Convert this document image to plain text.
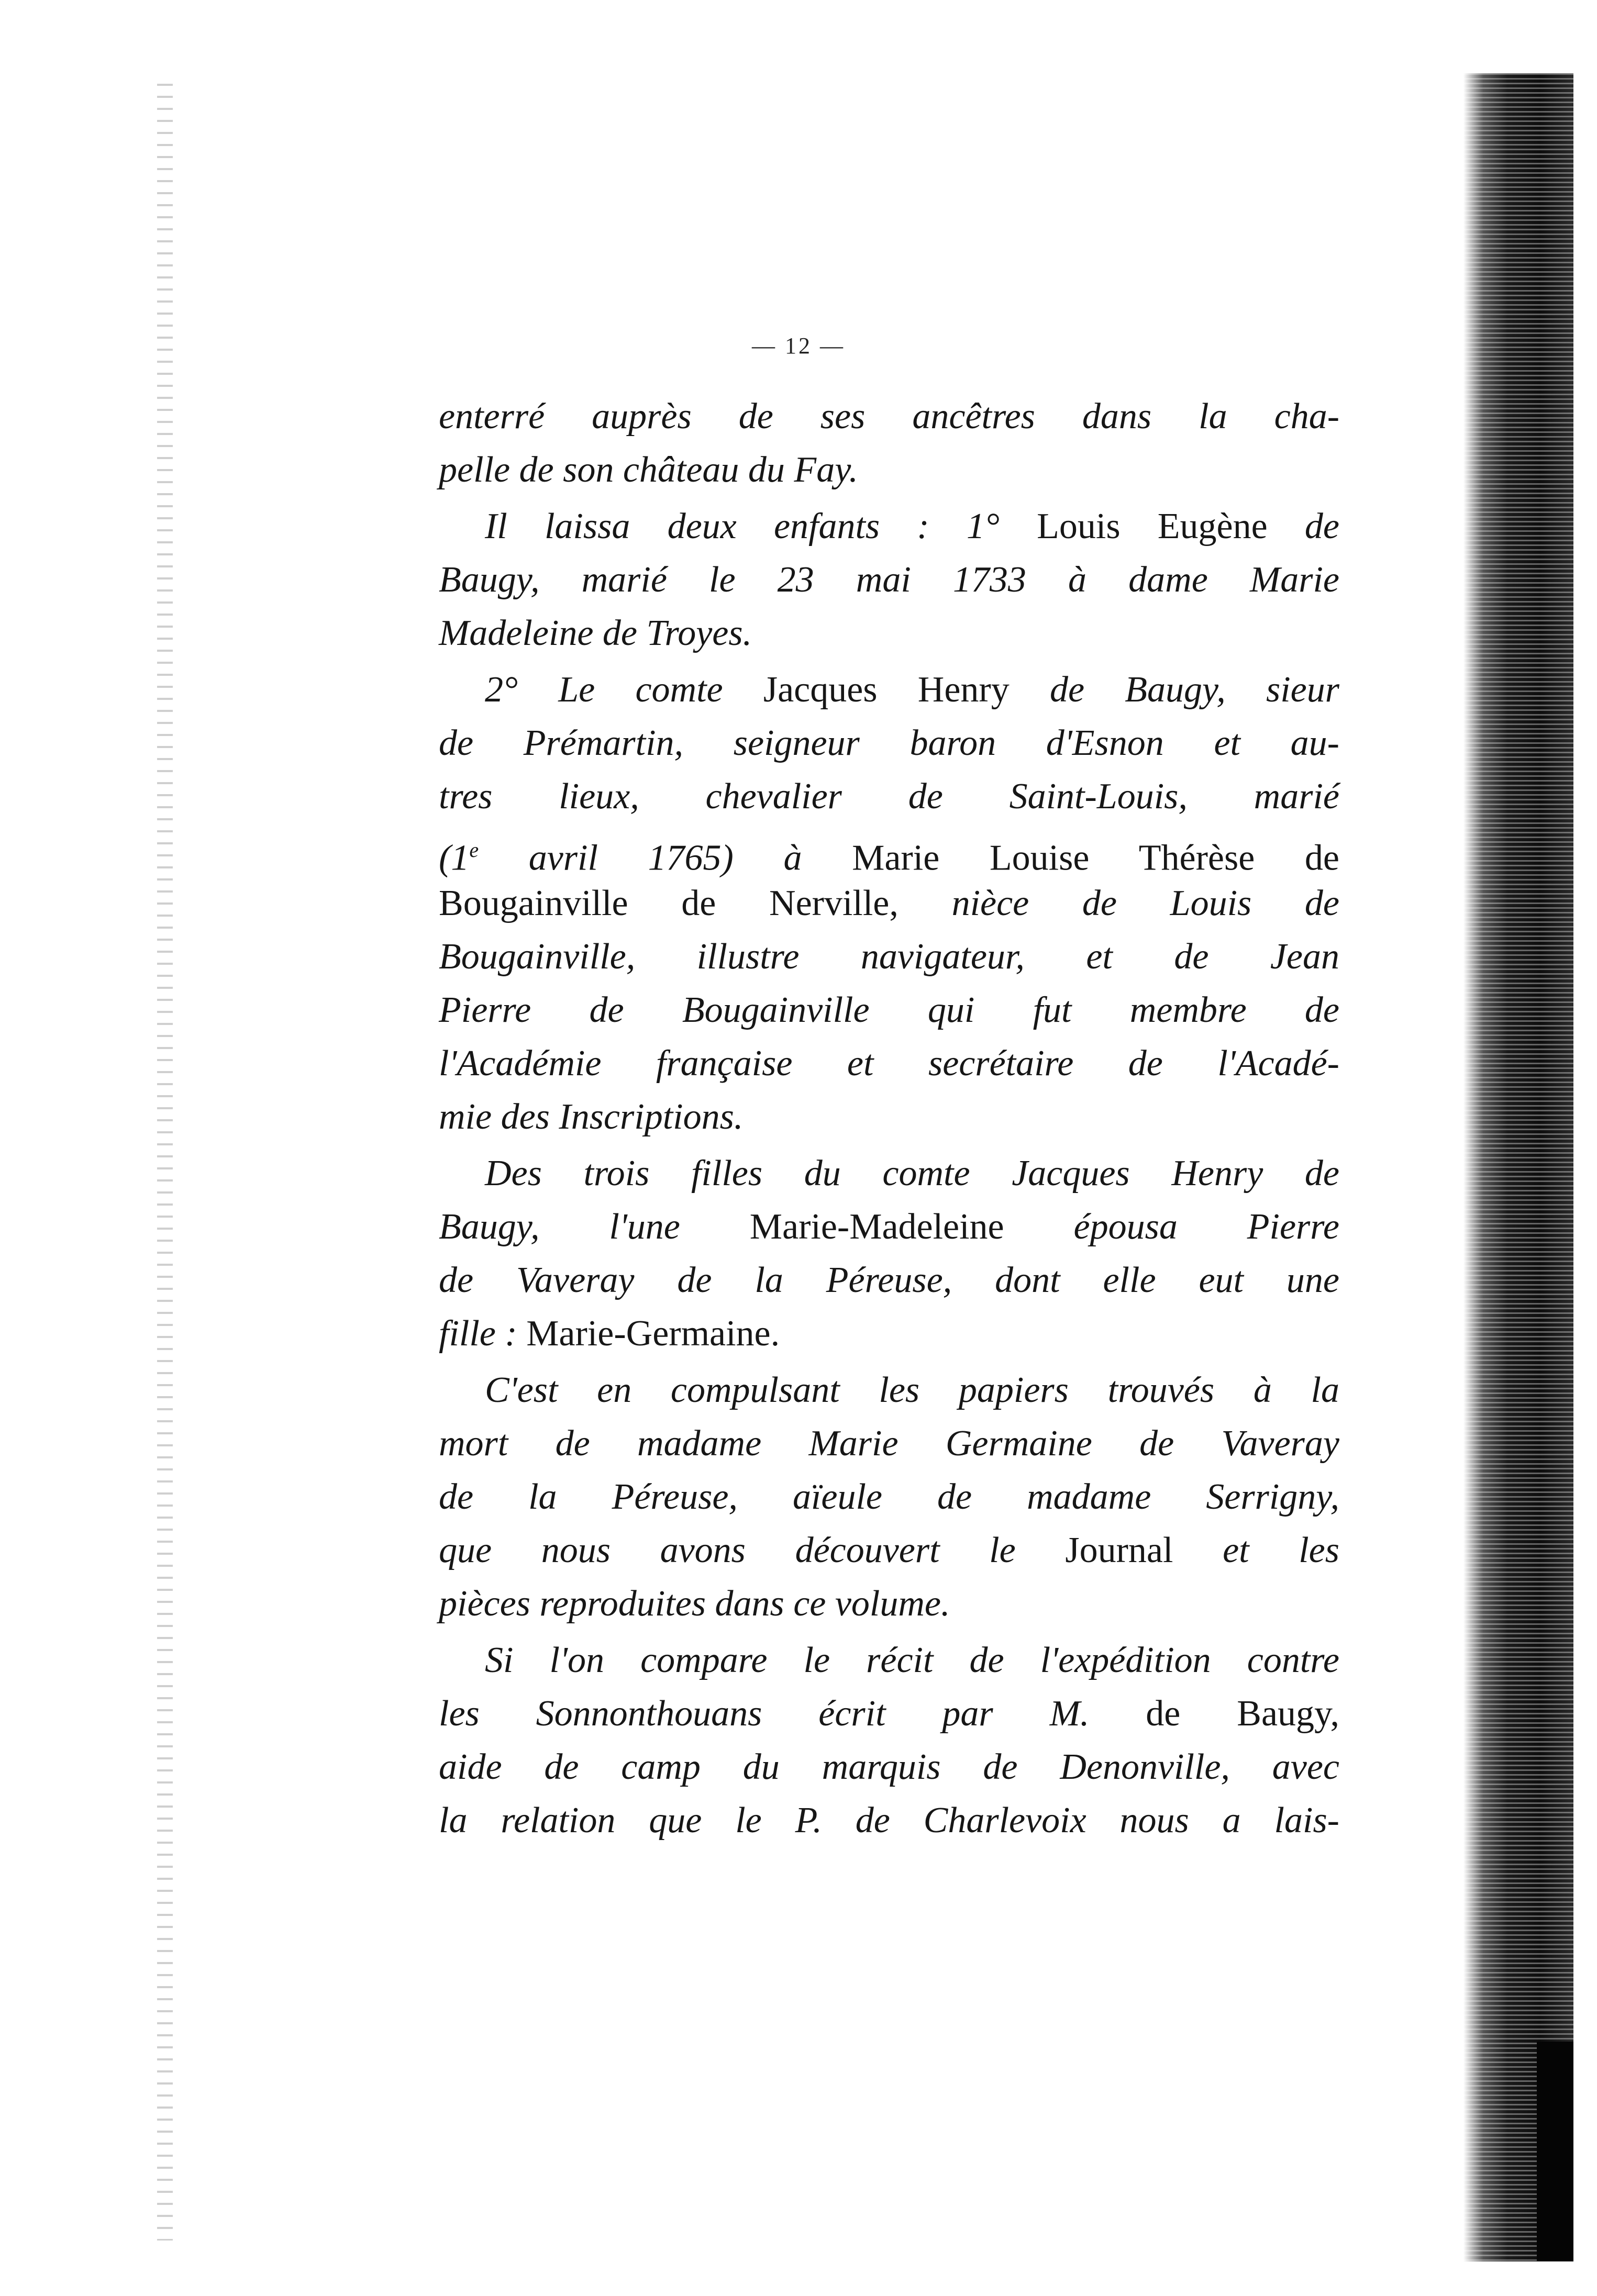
— 12 —
enterré auprès de ses ancêtres dans la cha-
pelle de son château du Fay.
Il laissa deux enfants : 1° Louis Eugène de
Baugy, marié le 23 mai 1733 à dame Marie
Madeleine de Troyes.
2° Le comte Jacques Henry de Baugy, sieur
de Prémartin, seigneur baron d'Esnon et au-
tres lieux, chevalier de Saint-Louis, marié
(1e avril 1765) à Marie Louise Thérèse de
Bougainville de Nerville, nièce de Louis de
Bougainville, illustre navigateur, et de Jean
Pierre de Bougainville qui fut membre de
l'Académie française et secrétaire de l'Acadé-
mie des Inscriptions.
Des trois filles du comte Jacques Henry de
Baugy, l'une Marie-Madeleine épousa Pierre
de Vaveray de la Péreuse, dont elle eut une
fille : Marie-Germaine.
C'est en compulsant les papiers trouvés à la
mort de madame Marie Germaine de Vaveray
de la Péreuse, aïeule de madame Serrigny,
que nous avons découvert le Journal et les
pièces reproduites dans ce volume.
Si l'on compare le récit de l'expédition contre
les Sonnonthouans écrit par M. de Baugy,
aide de camp du marquis de Denonville, avec
la relation que le P. de Charlevoix nous a lais-
